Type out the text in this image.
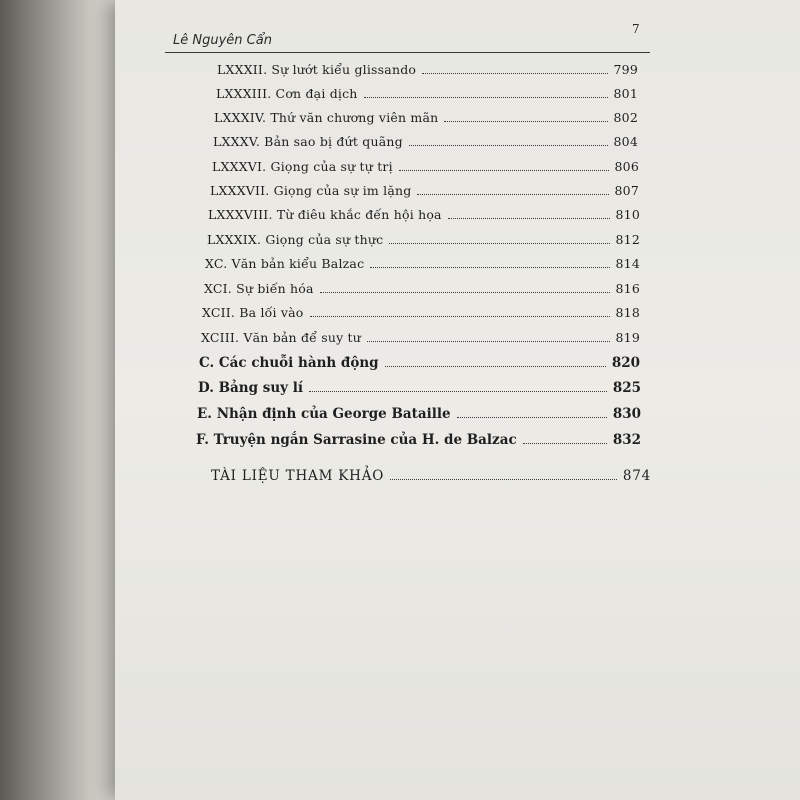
Lê Nguyên Cẩn
7
LXXXII. Sự lướt kiểu glissando	799
LXXXIII. Cơn đại dịch	801
LXXXIV. Thứ văn chương viên mãn	802
LXXXV. Bản sao bị đứt quãng	804
LXXXVI. Giọng của sự tự trị	806
LXXXVII. Giọng của sự im lặng	807
LXXXVIII. Từ điêu khắc đến hội họa	810
LXXXIX. Giọng của sự thực	812
XC. Văn bản kiểu Balzac	814
XCI. Sự biến hóa	816
XCII. Ba lối vào	818
XCIII. Văn bản để suy tư	819
C. Các chuỗi hành động	820
D. Bảng suy lí	825
E. Nhận định của George Bataille	830
F. Truyện ngắn Sarrasine của H. de Balzac	832
TÀI LIỆU THAM KHẢO	874
